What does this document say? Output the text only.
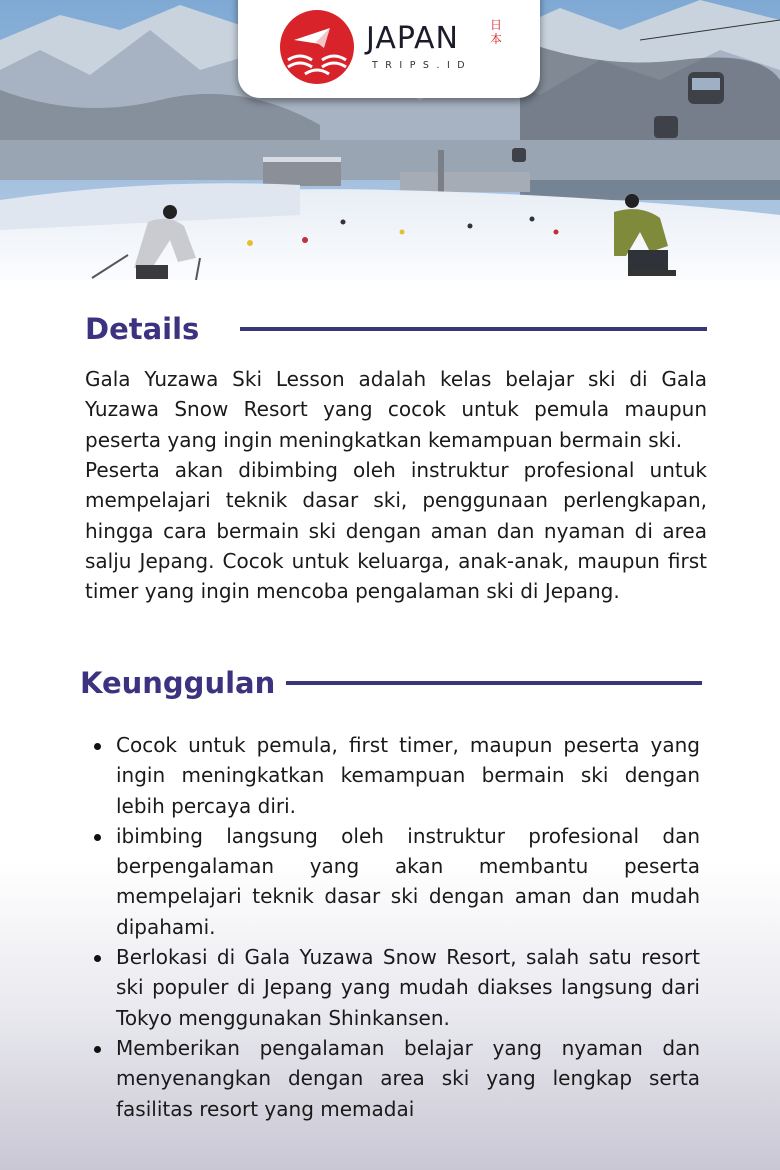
JAPAN
TRIPS.ID
日本
Details

Gala Yuzawa Ski Lesson adalah kelas belajar ski di Gala Yuzawa Snow Resort yang cocok untuk pemula maupun peserta yang ingin meningkatkan kemampuan bermain ski.

Peserta akan dibimbing oleh instruktur profesional untuk mempelajari teknik dasar ski, penggunaan perlengkapan, hingga cara bermain ski dengan aman dan nyaman di area salju Jepang. Cocok untuk keluarga, anak-anak, maupun first timer yang ingin mencoba pengalaman ski di Jepang.

Keunggulan
Cocok untuk pemula, first timer, maupun peserta yang ingin meningkatkan kemampuan bermain ski dengan lebih percaya diri.
ibimbing langsung oleh instruktur profesional dan berpengalaman yang akan membantu peserta mempelajari teknik dasar ski dengan aman dan mudah dipahami.
Berlokasi di Gala Yuzawa Snow Resort, salah satu resort ski populer di Jepang yang mudah diakses langsung dari Tokyo menggunakan Shinkansen.
Memberikan pengalaman belajar yang nyaman dan menyenangkan dengan area ski yang lengkap serta fasilitas resort yang memadai
